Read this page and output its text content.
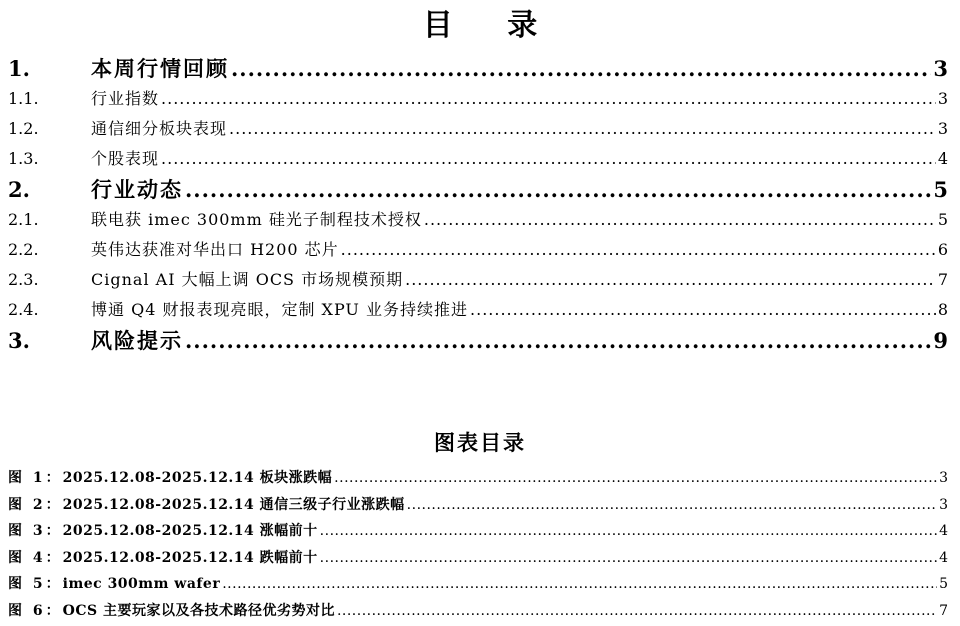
目 录
1.	本周行情回顾 .....	3
1.1.	行业指数 .....	3
1.2.	通信细分板块表现 .....	3
1.3.	个股表现 .....	4
2.	行业动态 .....	5
2.1.	联电获 imec 300mm 硅光子制程技术授权 .....	5
2.2.	英伟达获准对华出口 H200 芯片 .....	6
2.3.	Cignal AI 大幅上调 OCS 市场规模预期 .....	7
2.4.	博通 Q4 财报表现亮眼，定制 XPU 业务持续推进 .....	8
3.	风险提示 .....	9
图表目录
图 1： 2025.12.08-2025.12.14 板块涨跌幅 .....	3
图 2： 2025.12.08-2025.12.14 通信三级子行业涨跌幅 .....	3
图 3： 2025.12.08-2025.12.14 涨幅前十 .....	4
图 4： 2025.12.08-2025.12.14 跌幅前十 .....	4
图 5： imec 300mm wafer .....	5
图 6： OCS 主要玩家以及各技术路径优劣势对比 .....	7
